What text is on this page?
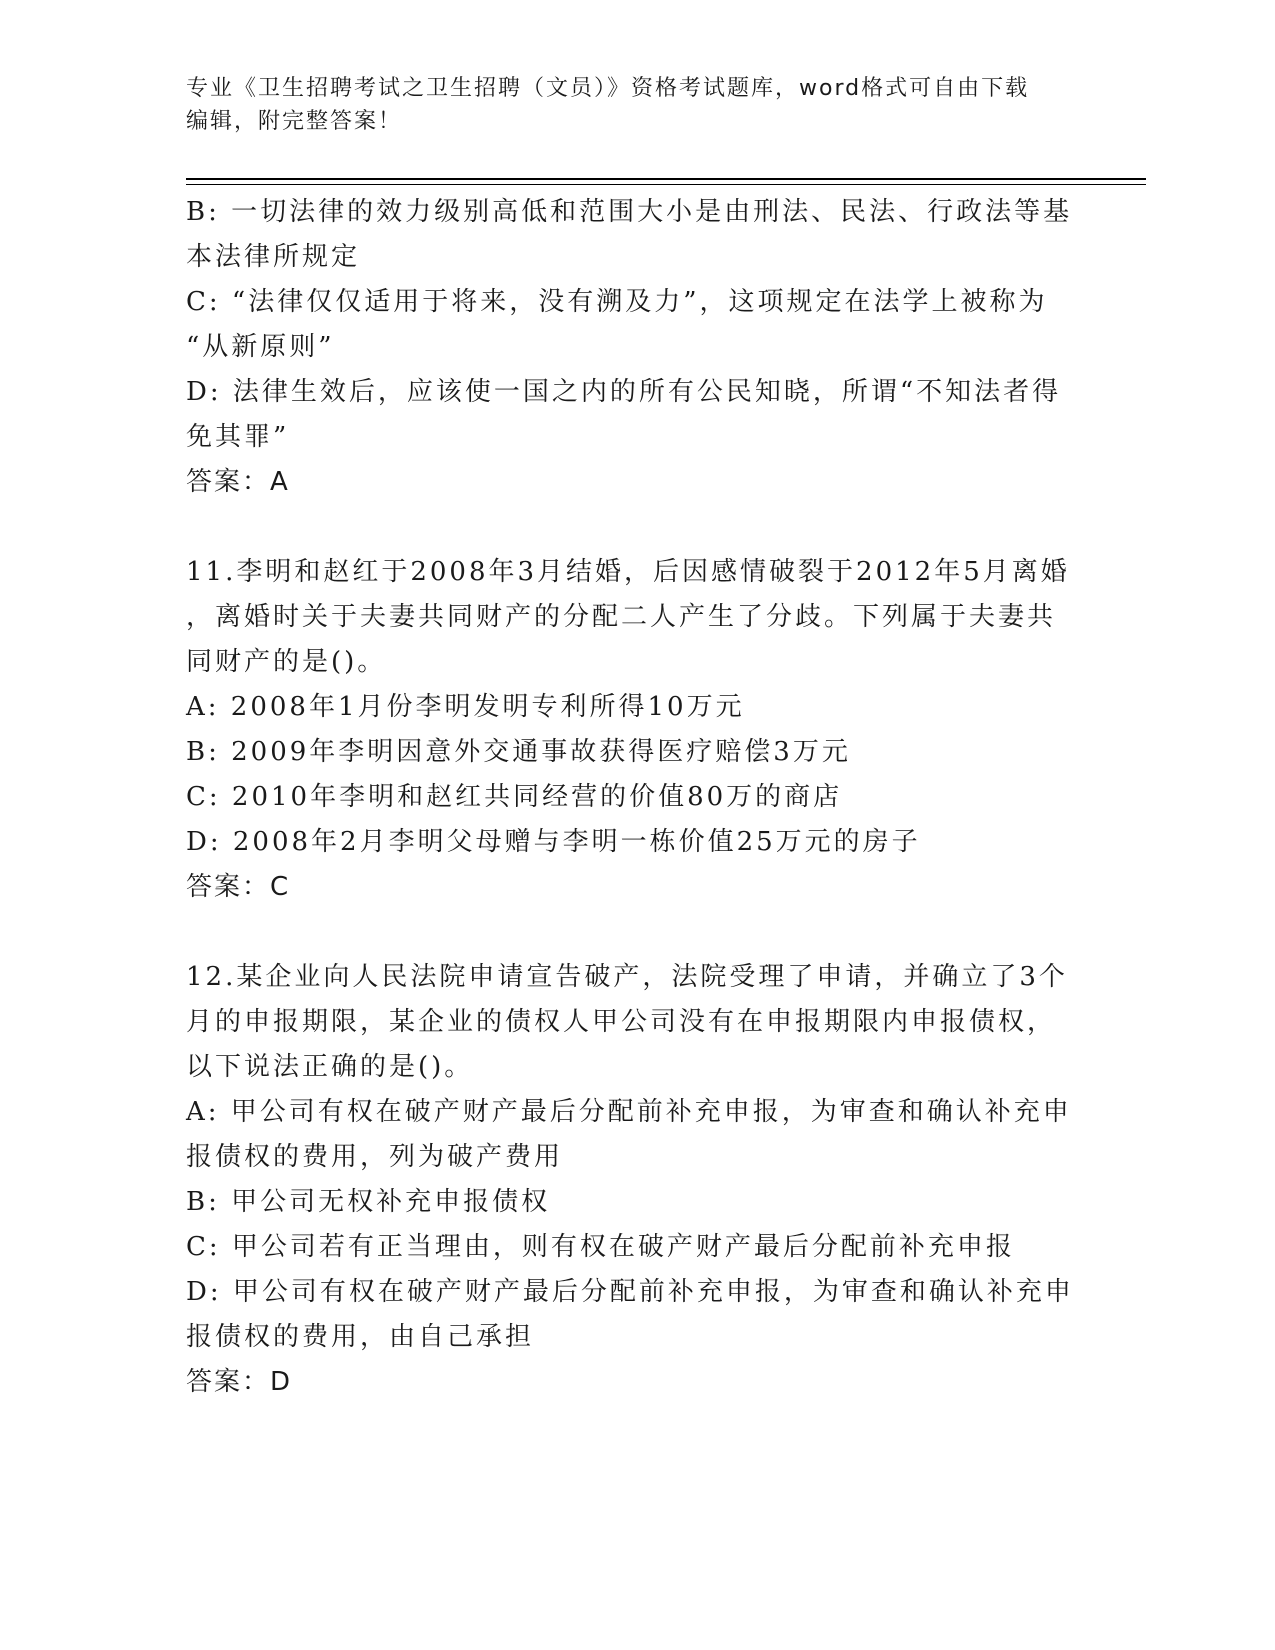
专业《卫生招聘考试之卫生招聘（文员）》资格考试题库，word格式可自由下载
编辑，附完整答案！
B: 一切法律的效力级别高低和范围大小是由刑法、民法、行政法等基
本法律所规定
C: “法律仅仅适用于将来，没有溯及力”，这项规定在法学上被称为
“从新原则”
D: 法律生效后，应该使一国之内的所有公民知晓，所谓“不知法者得
免其罪”
答案：A
11.李明和赵红于2008年3月结婚，后因感情破裂于2012年5月离婚
，离婚时关于夫妻共同财产的分配二人产生了分歧。下列属于夫妻共
同财产的是()。
A: 2008年1月份李明发明专利所得10万元
B: 2009年李明因意外交通事故获得医疗赔偿3万元
C: 2010年李明和赵红共同经营的价值80万的商店
D: 2008年2月李明父母赠与李明一栋价值25万元的房子
答案：C
12.某企业向人民法院申请宣告破产，法院受理了申请，并确立了3个
月的申报期限，某企业的债权人甲公司没有在申报期限内申报债权，
以下说法正确的是()。
A: 甲公司有权在破产财产最后分配前补充申报，为审查和确认补充申
报债权的费用，列为破产费用
B: 甲公司无权补充申报债权
C: 甲公司若有正当理由，则有权在破产财产最后分配前补充申报
D: 甲公司有权在破产财产最后分配前补充申报，为审查和确认补充申
报债权的费用，由自己承担
答案：D
